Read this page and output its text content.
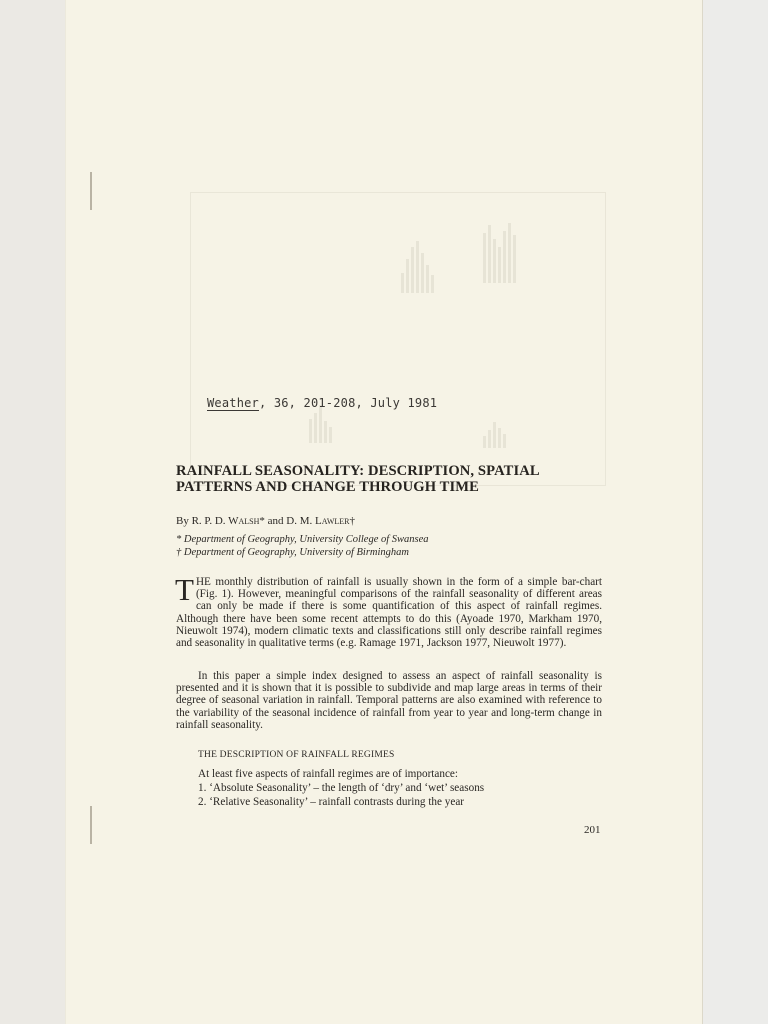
Weather, 36, 201-208, July 1981
RAINFALL SEASONALITY: DESCRIPTION, SPATIAL PATTERNS AND CHANGE THROUGH TIME
By R. P. D. Walsh* and D. M. Lawler†
* Department of Geography, University College of Swansea
† Department of Geography, University of Birmingham

THE monthly distribution of rainfall is usually shown in the form of a simple bar-chart (Fig. 1). However, meaningful comparisons of the rainfall seasonality of different areas can only be made if there is some quantification of this aspect of rainfall regimes. Although there have been some recent attempts to do this (Ayoade 1970, Markham 1970, Nieuwolt 1974), modern climatic texts and classifications still only describe rainfall regimes and seasonality in qualitative terms (e.g. Ramage 1971, Jackson 1977, Nieuwolt 1977).

In this paper a simple index designed to assess an aspect of rainfall seasonality is presented and it is shown that it is possible to subdivide and map large areas in terms of their degree of seasonal variation in rainfall. Temporal patterns are also examined with reference to the variability of the seasonal incidence of rainfall from year to year and long-term change in rainfall seasonality.

THE DESCRIPTION OF RAINFALL REGIMES
At least five aspects of rainfall regimes are of importance:
1. ‘Absolute Seasonality’ – the length of ‘dry’ and ‘wet’ seasons
2. ‘Relative Seasonality’ – rainfall contrasts during the year
201
